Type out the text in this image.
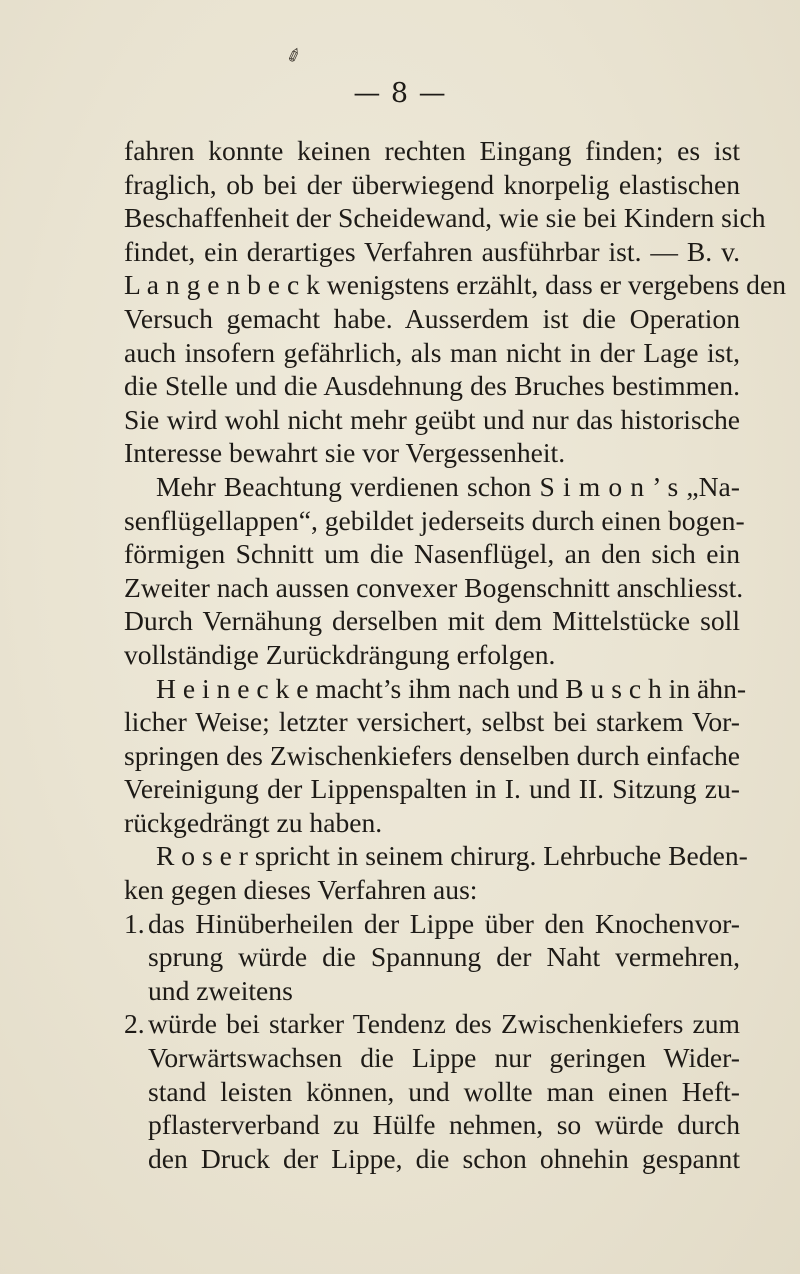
✐
— 8 —
fahren konnte keinen rechten Eingang finden; es ist
fraglich, ob bei der überwiegend knorpelig elastischen
Beschaffenheit der Scheidewand, wie sie bei Kindern sich
findet, ein derartiges Verfahren ausführbar ist. — B. v.
L a n g e n b e c k wenigstens erzählt, dass er vergebens den
Versuch gemacht habe. Ausserdem ist die Operation
auch insofern gefährlich, als man nicht in der Lage ist,
die Stelle und die Ausdehnung des Bruches bestimmen.
Sie wird wohl nicht mehr geübt und nur das historische
Interesse bewahrt sie vor Vergessenheit.
Mehr Beachtung verdienen schon S i m o n ’ s „Na-
senflügellappen“, gebildet jederseits durch einen bogen-
förmigen Schnitt um die Nasenflügel, an den sich ein
Zweiter nach aussen convexer Bogenschnitt anschliesst.
Durch Vernähung derselben mit dem Mittelstücke soll
vollständige Zurückdrängung erfolgen.
H e i n e c k e macht’s ihm nach und B u s c h in ähn-
licher Weise; letzter versichert, selbst bei starkem Vor-
springen des Zwischenkiefers denselben durch einfache
Vereinigung der Lippenspalten in I. und II. Sitzung zu-
rückgedrängt zu haben.
R o s e r spricht in seinem chirurg. Lehrbuche Beden-
ken gegen dieses Verfahren aus:
1. das Hinüberheilen der Lippe über den Knochenvor-
sprung würde die Spannung der Naht vermehren,
und zweitens
2. würde bei starker Tendenz des Zwischenkiefers zum
Vorwärtswachsen die Lippe nur geringen Wider-
stand leisten können, und wollte man einen Heft-
pflasterverband zu Hülfe nehmen, so würde durch
den Druck der Lippe, die schon ohnehin gespannt
